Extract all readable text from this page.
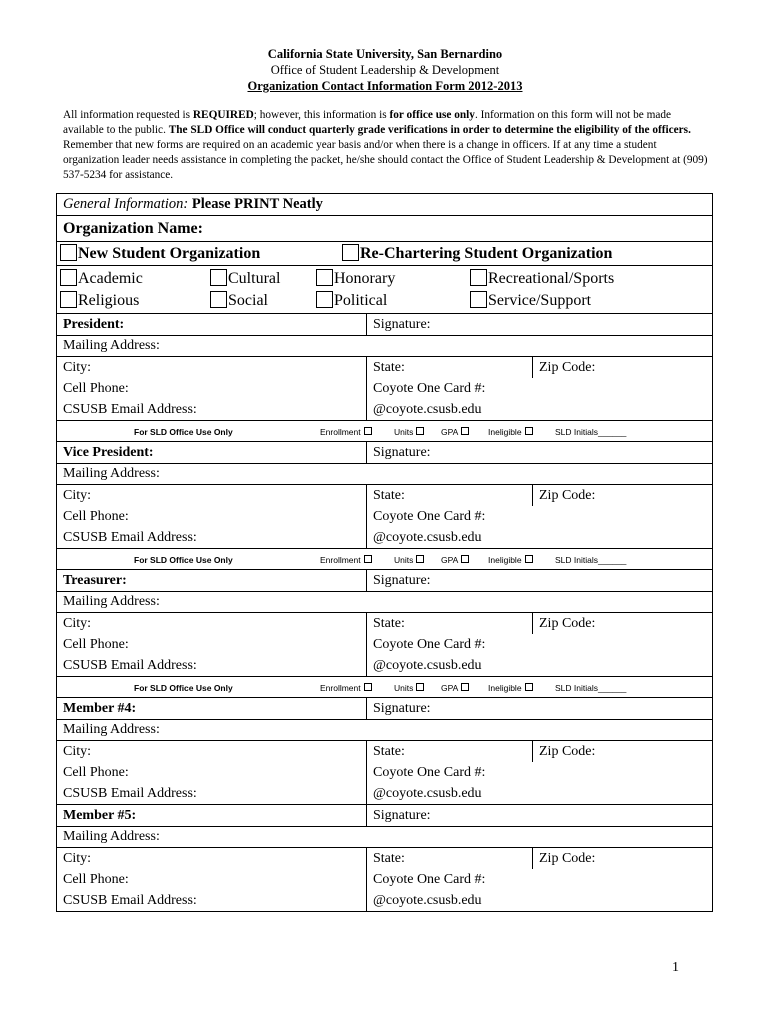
California State University, San Bernardino
Office of Student Leadership & Development
Organization Contact Information Form 2012-2013
All information requested is REQUIRED; however, this information is for office use only. Information on this form will not be made available to the public. The SLD Office will conduct quarterly grade verifications in order to determine the eligibility of the officers. Remember that new forms are required on an academic year basis and/or when there is a change in officers. If at any time a student organization leader needs assistance in completing the packet, he/she should contact the Office of Student Leadership & Development at (909) 537-5234 for assistance.
General Information:
Please PRINT Neatly
Organization Name:
New Student Organization	Re-Chartering Student Organization
Academic	Cultural	Honorary	Recreational/Sports
Religious	Social	Political	Service/Support
President:	Signature:
Mailing Address:
City:	State:	Zip Code:
Cell Phone:	Coyote One Card #:
CSUSB Email Address:	@coyote.csusb.edu
For SLD Office Use Only	Enrollment	Units	GPA	Ineligible	SLD Initials______
Vice President:	Signature:
Mailing Address:
City:	State:	Zip Code:
Cell Phone:	Coyote One Card #:
CSUSB Email Address:	@coyote.csusb.edu
For SLD Office Use Only	Enrollment	Units	GPA	Ineligible	SLD Initials______
Treasurer:	Signature:
Mailing Address:
City:	State:	Zip Code:
Cell Phone:	Coyote One Card #:
CSUSB Email Address:	@coyote.csusb.edu
For SLD Office Use Only	Enrollment	Units	GPA	Ineligible	SLD Initials______
Member #4:	Signature:
Mailing Address:
City:	State:	Zip Code:
Cell Phone:	Coyote One Card #:
CSUSB Email Address:	@coyote.csusb.edu
Member #5:	Signature:
Mailing Address:
City:	State:	Zip Code:
Cell Phone:	Coyote One Card #:
CSUSB Email Address:	@coyote.csusb.edu
1
